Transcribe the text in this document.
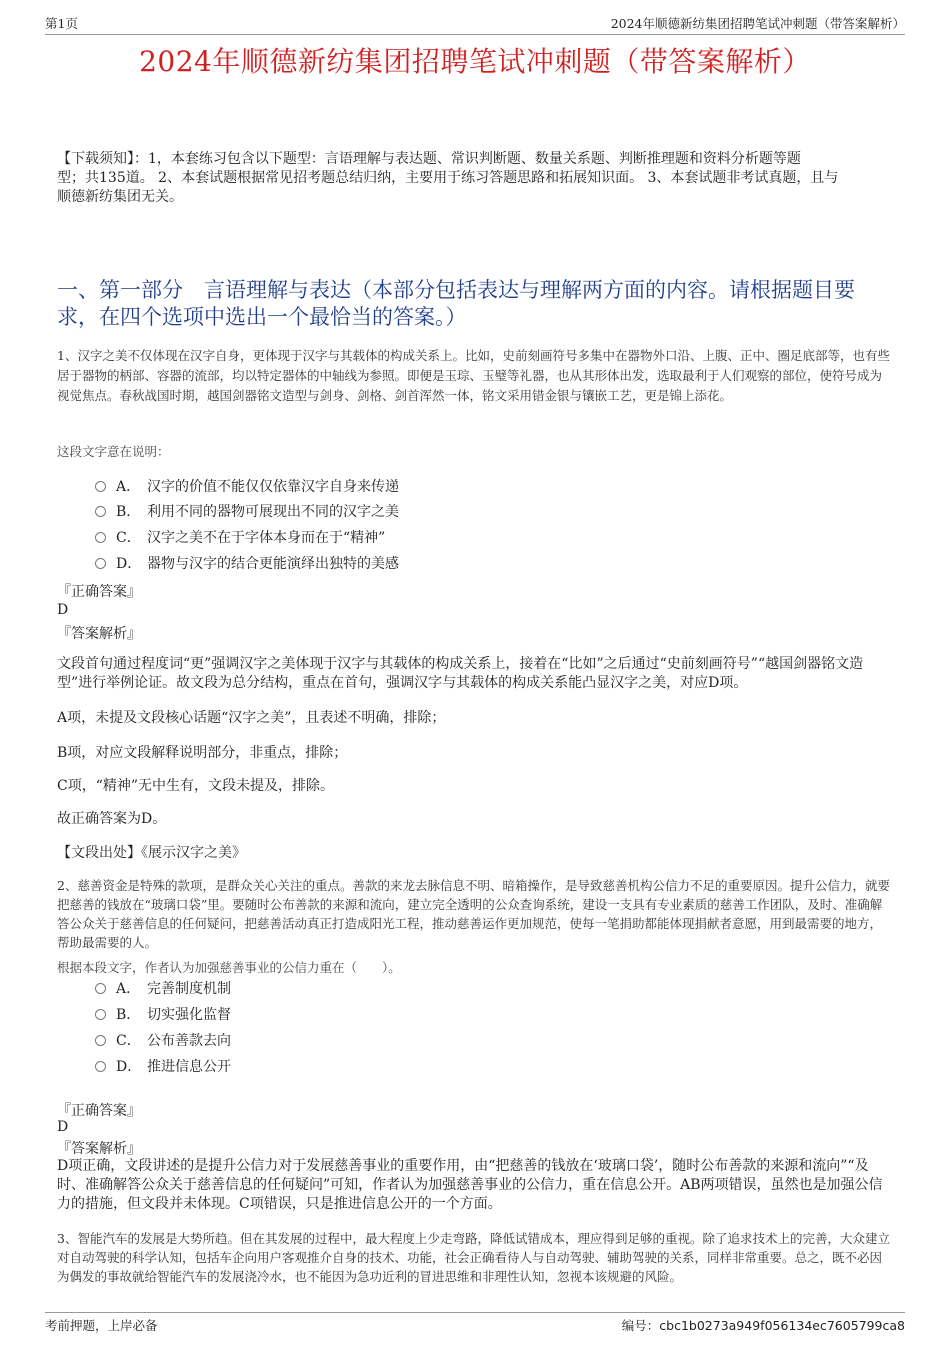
第1页	2024年顺德新纺集团招聘笔试冲刺题（带答案解析）
2024年顺德新纺集团招聘笔试冲刺题（带答案解析）
【下载须知】：1，本套练习包含以下题型：言语理解与表达题、常识判断题、数量关系题、判断推理题和资料分析题等题
型；共135道。 2、本套试题根据常见招考题总结归纳，主要用于练习答题思路和拓展知识面。 3、本套试题非考试真题，且与
顺德新纺集团无关。
一、第一部分　言语理解与表达（本部分包括表达与理解两方面的内容。请根据题目要求，在四个选项中选出一个最恰当的答案。）
1、汉字之美不仅体现在汉字自身，更体现于汉字与其载体的构成关系上。比如，史前刻画符号多集中在器物外口沿、上腹、正中、圈足底部等，也有些居于器物的柄部、容器的流部，均以特定器体的中轴线为参照。即便是玉琮、玉璧等礼器，也从其形体出发，选取最利于人们观察的部位，使符号成为视觉焦点。春秋战国时期，越国剑器铭文造型与剑身、剑格、剑首浑然一体，铭文采用错金银与镶嵌工艺，更是锦上添花。
这段文字意在说明：
A． 汉字的价值不能仅仅依靠汉字自身来传递
B． 利用不同的器物可展现出不同的汉字之美
C． 汉字之美不在于字体本身而在于“精神”
D． 器物与汉字的结合更能演绎出独特的美感
『正确答案』
D
『答案解析』
文段首句通过程度词“更”强调汉字之美体现于汉字与其载体的构成关系上，接着在“比如”之后通过“史前刻画符号”“越国剑器铭文造型”进行举例论证。故文段为总分结构，重点在首句，强调汉字与其载体的构成关系能凸显汉字之美，对应D项。
A项，未提及文段核心话题“汉字之美”，且表述不明确，排除；
B项，对应文段解释说明部分，非重点，排除；
C项，“精神”无中生有，文段未提及，排除。
故正确答案为D。
【文段出处】《展示汉字之美》
2、慈善资金是特殊的款项，是群众关心关注的重点。善款的来龙去脉信息不明、暗箱操作，是导致慈善机构公信力不足的重要原因。提升公信力，就要把慈善的钱放在“玻璃口袋”里。要随时公布善款的来源和流向，建立完全透明的公众查询系统，建设一支具有专业素质的慈善工作团队，及时、准确解答公众关于慈善信息的任何疑问，把慈善活动真正打造成阳光工程，推动慈善运作更加规范，使每一笔捐助都能体现捐献者意愿，用到最需要的地方，帮助最需要的人。
根据本段文字，作者认为加强慈善事业的公信力重在（　　）。
A． 完善制度机制
B． 切实强化监督
C． 公布善款去向
D． 推进信息公开
『正确答案』
D
『答案解析』
D项正确，文段讲述的是提升公信力对于发展慈善事业的重要作用，由“把慈善的钱放在‘玻璃口袋’，随时公布善款的来源和流向”“及时、准确解答公众关于慈善信息的任何疑问”可知，作者认为加强慈善事业的公信力，重在信息公开。AB两项错误，虽然也是加强公信力的措施，但文段并未体现。C项错误，只是推进信息公开的一个方面。
3、智能汽车的发展是大势所趋。但在其发展的过程中，最大程度上少走弯路，降低试错成本，理应得到足够的重视。除了追求技术上的完善，大众建立对自动驾驶的科学认知，包括车企向用户客观推介自身的技术、功能，社会正确看待人与自动驾驶、辅助驾驶的关系，同样非常重要。总之，既不必因为偶发的事故就给智能汽车的发展浇冷水，也不能因为急功近利的冒进思维和非理性认知，忽视本该规避的风险。
考前押题，上岸必备	编号：cbc1b0273a949f056134ec7605799ca8
